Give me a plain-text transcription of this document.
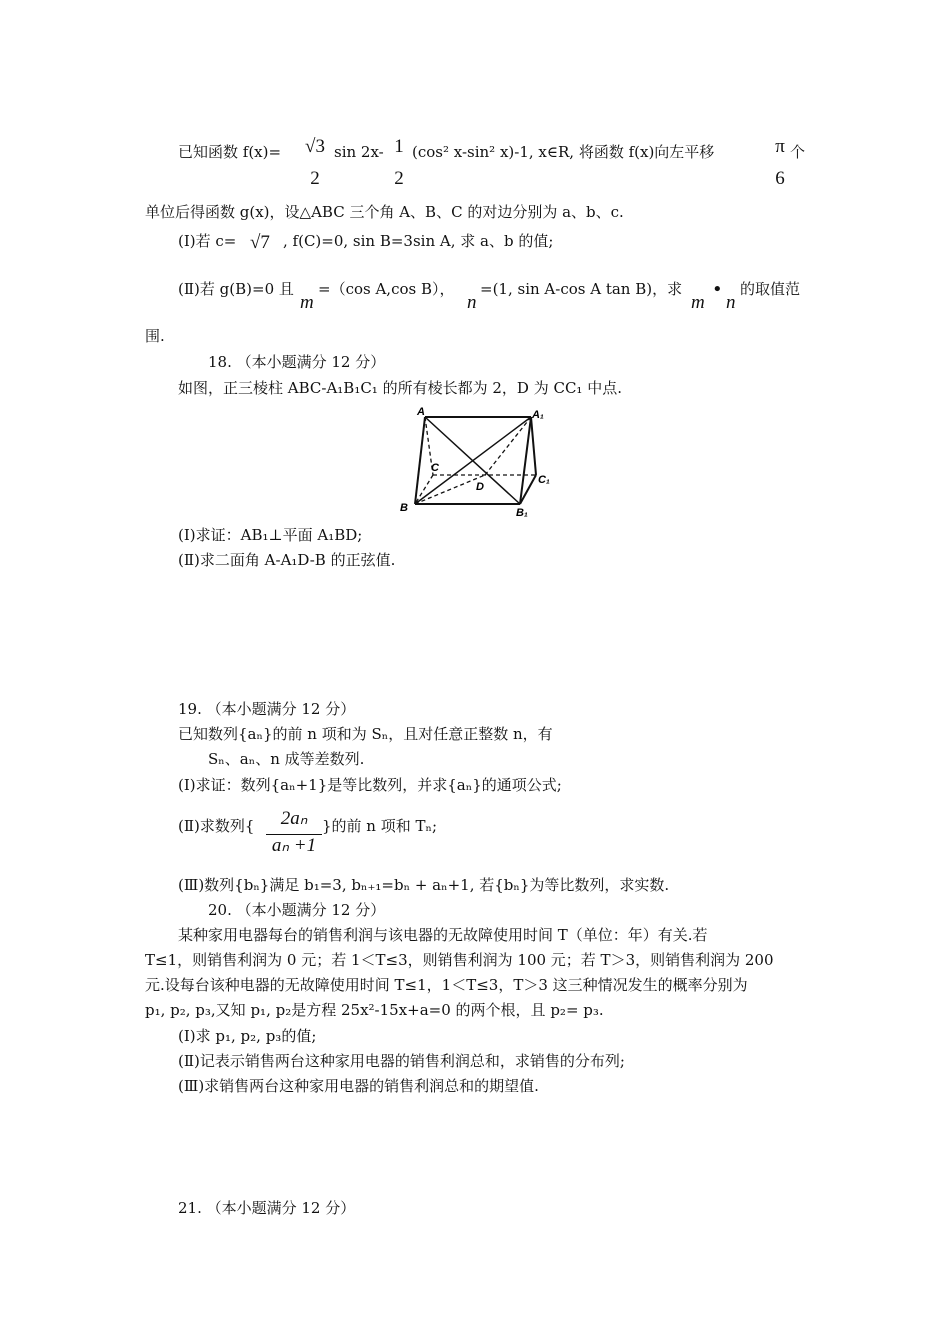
已知函数 f(x)= √3
2
sin 2x- 1
2
(cos² x-sin² x)-1, x∈R, 将函数 f(x)向左平移	π
6
个
单位后得函数 g(x)，设△ABC 三个角 A、B、C 的对边分别为 a、b、c.
(Ⅰ)若 c= √7 , f(C)=0, sin B=3sin A, 求 a、b 的值;
(Ⅱ)若 g(B)=0 且
m
=（cos A,cos B），
n
=(1, sin A-cos A tan B)，求
m
•
n
的取值范
围.
18. （本小题满分 12 分）
如图，正三棱柱 ABC-A₁B₁C₁ 的所有棱长都为 2，D 为 CC₁ 中点.
A	A₁
C
D
C₁
B	B₁
(Ⅰ)求证：AB₁⊥平面 A₁BD;
(Ⅱ)求二面角 A-A₁D-B 的正弦值.
19. （本小题满分 12 分）
已知数列{aₙ}的前 n 项和为 Sₙ，且对任意正整数 n，有
Sₙ、aₙ、n 成等差数列.
(Ⅰ)求证：数列{aₙ+1}是等比数列，并求{aₙ}的通项公式;
(Ⅱ)求数列{ $\frac{\text{2aₙ}}{\text{aₙ +1}}$ }的前 n 项和 Tₙ;
(Ⅲ)数列{bₙ}满足 b₁=3, bₙ₊₁=bₙ + aₙ+1, 若{bₙ}为等比数列，求实数.
20. （本小题满分 12 分）
某种家用电器每台的销售利润与该电器的无故障使用时间 T（单位：年）有关.若
T≤1，则销售利润为 0 元；若 1＜T≤3，则销售利润为 100 元；若 T＞3，则销售利润为 200
元.设每台该种电器的无故障使用时间 T≤1，1＜T≤3，T＞3 这三种情况发生的概率分别为
p₁, p₂, p₃,又知 p₁, p₂是方程 25x²-15x+a=0 的两个根，且 p₂= p₃.
(Ⅰ)求 p₁, p₂, p₃的值;
(Ⅱ)记表示销售两台这种家用电器的销售利润总和，求销售的分布列;
(Ⅲ)求销售两台这种家用电器的销售利润总和的期望值.
21. （本小题满分 12 分）
